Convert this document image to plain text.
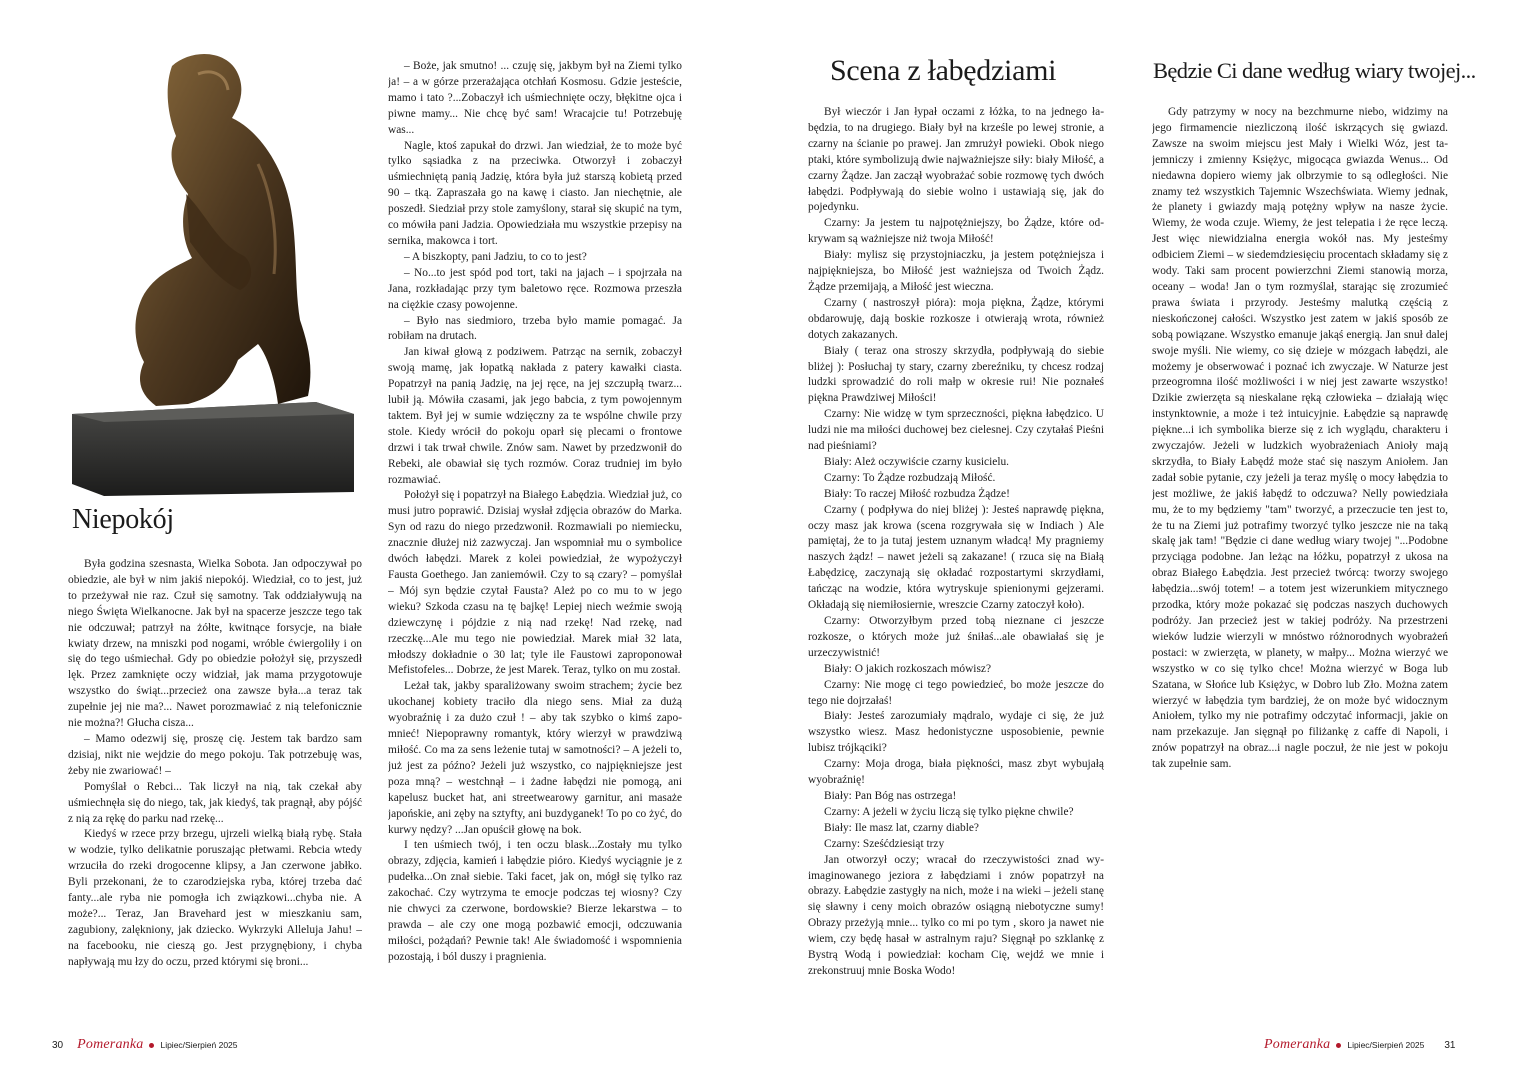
Niepokój

Była godzina szesnasta, Wielka Sobota. Jan odpoczywał po obiedzie, ale był w nim jakiś niepokój. Wiedział, co to jest, już to przeżywał nie raz. Czuł się samotny. Tak oddziaływują na niego Święta Wielkanocne. Jak był na spacerze jeszcze tego tak nie odczuwał; patrzył na żółte, kwitnące forsycje, na białe kwiaty drzew, na mniszki pod nogami, wróble ćwiergoliły i on się do tego uśmiechał. Gdy po obiedzie położył się, przyszedł lęk. Przez zamknięte oczy widział, jak mama przygotowuje wszystko do świąt...przecież ona zawsze była...a teraz tak zupełnie jej nie ma?... Nawet porozmawiać z nią telefonicznie nie można?! Głucha cisza...

– Mamo odezwij się, proszę cię. Jestem tak bardzo sam dzisiaj, nikt nie wejdzie do mego pokoju. Tak potrzebuję was, żeby nie zwariować! –

Pomyślał o Rebci... Tak liczył na nią, tak czekał aby uśmiechnęła się do niego, tak, jak kiedyś, tak pragnął, aby pójść z nią za rękę do parku nad rzekę...

Kiedyś w rzece przy brzegu, ujrzeli wielką białą rybę. Stała w wodzie, tylko delikatnie poruszając płetwami. Rebcia wtedy wrzuciła do rzeki drogocenne klipsy, a Jan czerwone jabłko. Byli przekonani, że to czarodziejska ryba, której trzeba dać fanty...ale ryba nie pomogła ich związkowi...chyba nie. A może?... Teraz, Jan Bravehard jest w mieszkaniu sam, zagubiony, zalękniony, jak dziecko. Wykrzyki Alleluja Jahu! – na facebooku, nie cieszą go. Jest przygnębiony, i chyba napływają mu łzy do oczu, przed którymi się broni...

– Boże, jak smutno! ... czuję się, jakbym był na Ziemi tylko ja! – a w górze przerażająca otchłań Kosmosu. Gdzie jesteście, mamo i tato ?...Zobaczył ich uśmiechnięte oczy, błękitne ojca i piwne mamy... Nie chcę być sam! Wracajcie tu! Potrzebuję was...

Nagle, ktoś zapukał do drzwi. Jan wiedział, że to może być tylko sąsiadka z na przeciwka. Otworzył i zobaczył uśmiechniętą panią Jadzię, która była już starszą kobietą przed 90 – tką. Zapraszała go na kawę i ciasto. Jan niechętnie, ale poszedł. Siedział przy stole zamyślony, starał się skupić na tym, co mówiła pani Jadzia. Opowiedziała mu wszystkie przepisy na sernika, makowca i tort.

– A biszkopty, pani Jadziu, to co to jest?

– No...to jest spód pod tort, taki na jajach – i spojrzała na Jana, rozkładając przy tym baletowo ręce. Rozmowa przeszła na ciężkie czasy powojenne.

– Było nas siedmioro, trzeba było mamie pomagać. Ja robiłam na drutach.

Jan kiwał głową z podziwem. Patrząc na sernik, zobaczył swoją mamę, jak łopatką nakłada z patery kawałki ciasta. Popatrzył na panią Jadzię, na jej ręce, na jej szczupłą twarz... lubił ją. Mówiła czasami, jak jego babcia, z tym powojennym taktem. Był jej w sumie wdzięczny za te wspólne chwile przy stole. Kiedy wrócił do pokoju oparł się plecami o frontowe drzwi i tak trwał chwile. Znów sam. Nawet by przedzwonił do Rebeki, ale obawiał się tych rozmów. Coraz trudniej im było rozmawiać.

Położył się i popatrzył na Białego Łabędzia. Wiedział już, co musi jutro poprawić. Dzisiaj wysłał zdjęcia obrazów do Marka. Syn od razu do niego przedzwonił. Rozmawiali po niemiecku, znacznie dłużej niż zazwyczaj. Jan wspomniał mu o symbolice dwóch łabędzi. Marek z kolei powiedział, że wypożyczył Fausta Goethego. Jan zaniemówił. Czy to są czary? – pomyślał – Mój syn będzie czytał Fausta? Ależ po co mu to w jego wieku? Szkoda czasu na tę bajkę! Lepiej niech weźmie swoją dziewczynę i pójdzie z nią nad rzekę! Nad rzekę, nad rzeczkę...Ale mu tego nie powiedział. Marek miał 32 lata, młodszy dokładnie o 30 lat; tyle ile Faustowi zaproponował Mefistofeles... Dobrze, że jest Marek. Teraz, tylko on mu został.

Leżał tak, jakby sparaliżowany swoim strachem; życie bez ukochanej kobiety traciło dla niego sens. Miał za dużą wyobraźnię i za dużo czuł ! – aby tak szybko o kimś zapomnieć! Niepoprawny romantyk, który wierzył w prawdziwą miłość. Co ma za sens leżenie tutaj w samotności? – A jeżeli to, już jest za późno? Jeżeli już wszystko, co najpiękniejsze jest poza mną? – westchnął – i żadne łabędzi nie pomogą, ani kapelusz bucket hat, ani streetwearowy garnitur, ani masaże japońskie, ani zęby na sztyfty, ani buzdyganek! To po co żyć, do kurwy nędzy? ...Jan opuścił głowę na bok.

I ten uśmiech twój, i ten oczu blask...Zostały mu tylko obrazy, zdjęcia, kamień i łabędzie pióro. Kiedyś wyciągnie je z pudełka...On znał siebie. Taki facet, jak on, mógł się tylko raz zakochać. Czy wytrzyma te emocje podczas tej wiosny? Czy nie chwyci za czerwone, bordowskie? Bierze lekarstwa – to prawda – ale czy one mogą pozbawić emocji, odczuwania miłości, pożądań? Pewnie tak! Ale świadomość i wspomnienia pozostają, i ból duszy i pragnienia.

30 Pomeranka Lipiec/Sierpień 2025
Scena z łabędziami

Był wieczór i Jan łypał oczami z łóżka, to na jednego łabędzia, to na drugiego. Biały był na krześle po lewej stronie, a czarny na ścianie po prawej. Jan zmrużył powieki. Obok niego ptaki, które symbolizują dwie najważniejsze siły: biały Miłość, a czarny Żądze. Jan zaczął wyobrażać sobie rozmowę tych dwóch łabędzi. Podpływają do siebie wolno i ustawiają się, jak do pojedynku.

Czarny: Ja jestem tu najpotężniejszy, bo Żądze, które odkrywam są ważniejsze niż twoja Miłość!

Biały: mylisz się przystojniaczku, ja jestem potężniejsza i najpiękniejsza, bo Miłość jest ważniejsza od Twoich Żądz. Żądze przemijają, a Miłość jest wieczna.

Czarny ( nastroszył pióra): moja piękna, Żądze, którymi obdarowuję, dają boskie rozkosze i otwierają wrota, również dotych zakazanych.

Biały ( teraz ona stroszy skrzydła, podpływają do siebie bliżej ): Posłuchaj ty stary, czarny zbereźniku, ty chcesz rodzaj ludzki sprowadzić do roli małp w okresie rui! Nie poznałeś piękna Prawdziwej Miłości!

Czarny: Nie widzę w tym sprzeczności, piękna łabędzico. U ludzi nie ma miłości duchowej bez cielesnej. Czy czytałaś Pieśni nad pieśniami?

Biały: Ależ oczywiście czarny kusicielu.

Czarny: To Żądze rozbudzają Miłość.

Biały: To raczej Miłość rozbudza Żądze!

Czarny ( podpływa do niej bliżej ): Jesteś naprawdę piękna, oczy masz jak krowa (scena rozgrywała się w Indiach ) Ale pamiętaj, że to ja tutaj jestem uznanym władcą! My pragniemy naszych żądz! – nawet jeżeli są zakazane! ( rzuca się na Białą Łabędzicę, zaczynają się okładać rozpostartymi skrzydłami, tańcząc na wodzie, która wytryskuje spienionymi gejzerami. Okładają się niemiłosiernie, wreszcie Czarny zatoczył koło).

Czarny: Otworzyłbym przed tobą nieznane ci jeszcze rozkosze, o których może już śniłaś...ale obawiałaś się je urzeczywistnić!

Biały: O jakich rozkoszach mówisz?

Czarny: Nie mogę ci tego powiedzieć, bo może jeszcze do tego nie dojrzałaś!

Biały: Jesteś zarozumiały mądralo, wydaje ci się, że już wszystko wiesz. Masz hedonistyczne usposobienie, pewnie lubisz trójkąciki?

Czarny: Moja droga, biała piękności, masz zbyt wybujałą wyobraźnię!

Biały: Pan Bóg nas ostrzega!

Czarny: A jeżeli w życiu liczą się tylko piękne chwile?

Biały: Ile masz lat, czarny diable?

Czarny: Sześćdziesiąt trzy

Jan otworzył oczy; wracał do rzeczywistości znad wyimaginowanego jeziora z łabędziami i znów popatrzył na obrazy. Łabędzie zastygły na nich, może i na wieki – jeżeli stanę się sławny i ceny moich obrazów osiągną niebotyczne sumy! Obrazy przeżyją mnie... tylko co mi po tym , skoro ja nawet nie wiem, czy będę hasał w astralnym raju? Sięgnął po szklankę z Bystrą Wodą i powiedział: kocham Cię, wejdź we mnie i zrekonstruuj mnie Boska Wodo!

Będzie Ci dane według wiary twojej...

Gdy patrzymy w nocy na bezchmurne niebo, widzimy na jego firmamencie niezliczoną ilość iskrzących się gwiazd. Zawsze na swoim miejscu jest Mały i Wielki Wóz, jest tajemniczy i zmienny Księżyc, migocąca gwiazda Wenus... Od niedawna dopiero wiemy jak olbrzymie to są odległości. Nie znamy też wszystkich Tajemnic Wszechświata. Wiemy jednak, że planety i gwiazdy mają potężny wpływ na nasze życie. Wiemy, że woda czuje. Wiemy, że jest telepatia i że ręce leczą. Jest więc niewidzialna energia wokół nas. My jesteśmy odbiciem Ziemi – w siedemdziesięciu procentach składamy się z wody. Taki sam procent powierzchni Ziemi stanowią morza, oceany – woda! Jan o tym rozmyślał, starając się zrozumieć prawa świata i przyrody. Jesteśmy malutką częścią z nieskończonej całości. Wszystko jest zatem w jakiś sposób ze sobą powiązane. Wszystko emanuje jakąś energią. Jan snuł dalej swoje myśli. Nie wiemy, co się dzieje w mózgach łabędzi, ale możemy je obserwować i poznać ich zwyczaje. W Naturze jest przeogromna ilość możliwości i w niej jest zawarte wszystko! Dzikie zwierzęta są nieskalane ręką człowieka – działają więc instynktownie, a może i też intuicyjnie. Łabędzie są naprawdę piękne...i ich symbolika bierze się z ich wyglądu, charakteru i zwyczajów. Jeżeli w ludzkich wyobrażeniach Anioły mają skrzydła, to Biały Łabędź może stać się naszym Aniołem. Jan zadał sobie pytanie, czy jeżeli ja teraz myślę o mocy łabędzia to jest możliwe, że jakiś łabędź to odczuwa? Nelly powiedziała mu, że to my będziemy "tam" tworzyć, a przeczucie ten jest to, że tu na Ziemi już potrafimy tworzyć tylko jeszcze nie na taką skalę jak tam! "Będzie ci dane według wiary twojej "...Podobne przyciąga podobne. Jan leżąc na łóżku, popatrzył z ukosa na obraz Białego Łabędzia. Jest przecież twórcą: tworzy swojego łabędzia...swój totem! – a totem jest wizerunkiem mitycznego przodka, który może pokazać się podczas naszych duchowych podróży. Jan przecież jest w takiej podróży. Na przestrzeni wieków ludzie wierzyli w mnóstwo różnorodnych wyobrażeń postaci: w zwierzęta, w planety, w małpy... Można wierzyć we wszystko w co się tylko chce! Można wierzyć w Boga lub Szatana, w Słońce lub Księżyc, w Dobro lub Zło. Można zatem wierzyć w łabędzia tym bardziej, że on może być widocznym Aniołem, tylko my nie potrafimy odczytać informacji, jakie on nam przekazuje. Jan sięgnął po filiżankę z caffe di Napoli, i znów popatrzył na obraz...i nagle poczuł, że nie jest w pokoju tak zupełnie sam.

Pomeranka Lipiec/Sierpień 2025 31
